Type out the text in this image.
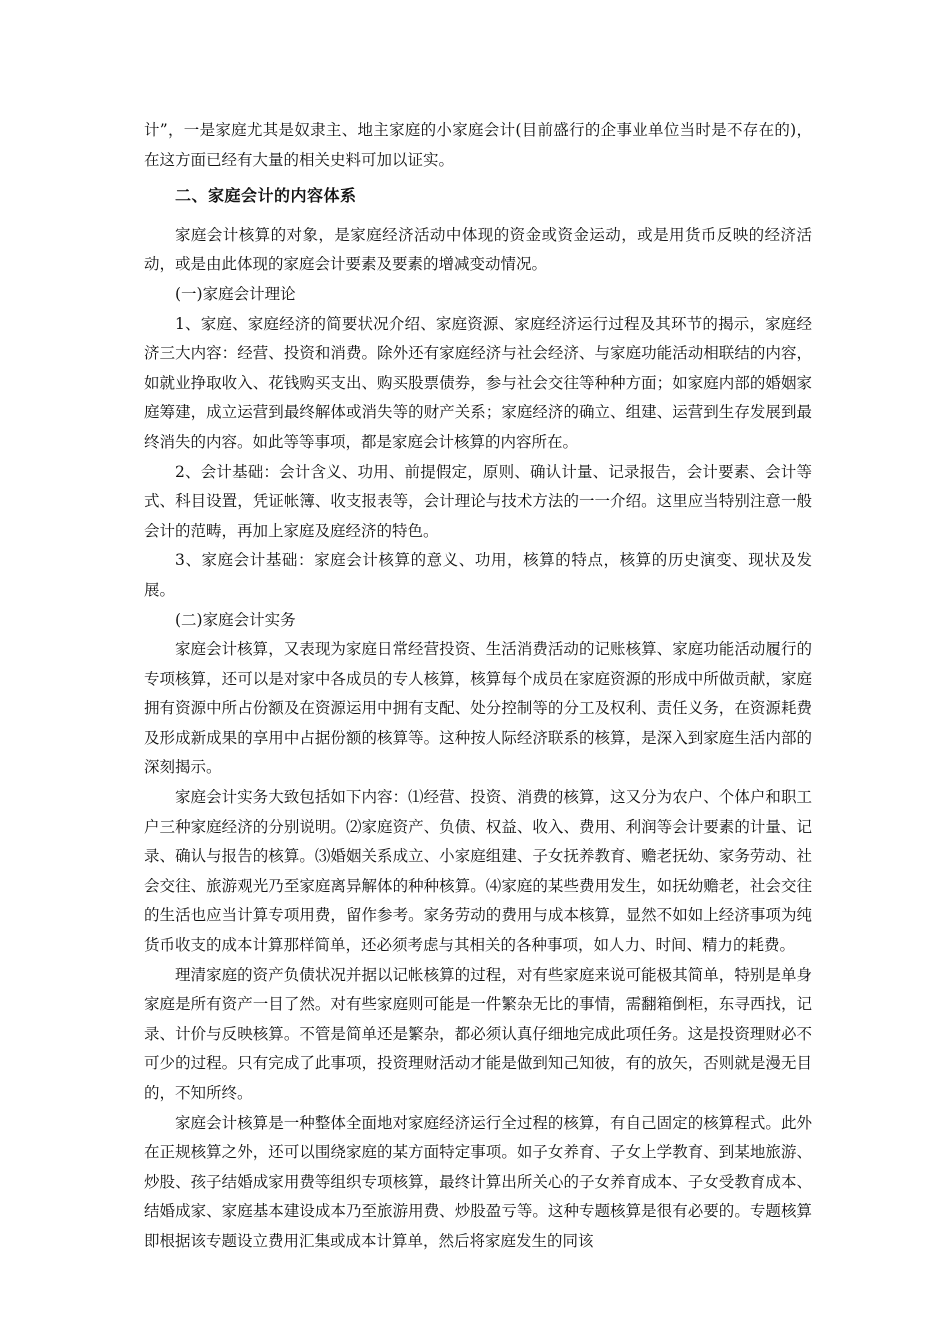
计”，一是家庭尤其是奴隶主、地主家庭的小家庭会计(目前盛行的企事业单位当时是不存在的)，在这方面已经有大量的相关史料可加以证实。

二、家庭会计的内容体系

家庭会计核算的对象，是家庭经济活动中体现的资金或资金运动，或是用货币反映的经济活动，或是由此体现的家庭会计要素及要素的增减变动情况。

(一)家庭会计理论

1、家庭、家庭经济的简要状况介绍、家庭资源、家庭经济运行过程及其环节的揭示，家庭经济三大内容：经营、投资和消费。除外还有家庭经济与社会经济、与家庭功能活动相联结的内容，如就业挣取收入、花钱购买支出、购买股票债券，参与社会交往等种种方面；如家庭内部的婚姻家庭筹建，成立运营到最终解体或消失等的财产关系；家庭经济的确立、组建、运营到生存发展到最终消失的内容。如此等等事项，都是家庭会计核算的内容所在。

2、会计基础：会计含义、功用、前提假定，原则、确认计量、记录报告，会计要素、会计等式、科目设置，凭证帐簿、收支报表等，会计理论与技术方法的一一介绍。这里应当特别注意一般会计的范畴，再加上家庭及庭经济的特色。

3、家庭会计基础：家庭会计核算的意义、功用，核算的特点，核算的历史演变、现状及发展。

(二)家庭会计实务

家庭会计核算，又表现为家庭日常经营投资、生活消费活动的记账核算、家庭功能活动履行的专项核算，还可以是对家中各成员的专人核算，核算每个成员在家庭资源的形成中所做贡献，家庭拥有资源中所占份额及在资源运用中拥有支配、处分控制等的分工及权利、责任义务，在资源耗费及形成新成果的享用中占据份额的核算等。这种按人际经济联系的核算，是深入到家庭生活内部的深刻揭示。

家庭会计实务大致包括如下内容：⑴经营、投资、消费的核算，这又分为农户、个体户和职工户三种家庭经济的分别说明。⑵家庭资产、负债、权益、收入、费用、利润等会计要素的计量、记录、确认与报告的核算。⑶婚姻关系成立、小家庭组建、子女抚养教育、赡老抚幼、家务劳动、社会交往、旅游观光乃至家庭离异解体的种种核算。⑷家庭的某些费用发生，如抚幼赡老，社会交往的生活也应当计算专项用费，留作参考。家务劳动的费用与成本核算，显然不如如上经济事项为纯货币收支的成本计算那样简单，还必须考虑与其相关的各种事项，如人力、时间、精力的耗费。

理清家庭的资产负债状况并据以记帐核算的过程，对有些家庭来说可能极其简单，特别是单身家庭是所有资产一目了然。对有些家庭则可能是一件繁杂无比的事情，需翻箱倒柜，东寻西找，记录、计价与反映核算。不管是简单还是繁杂，都必须认真仔细地完成此项任务。这是投资理财必不可少的过程。只有完成了此事项，投资理财活动才能是做到知己知彼，有的放矢，否则就是漫无目的，不知所终。

家庭会计核算是一种整体全面地对家庭经济运行全过程的核算，有自己固定的核算程式。此外在正规核算之外，还可以围绕家庭的某方面特定事项。如子女养育、子女上学教育、到某地旅游、炒股、孩子结婚成家用费等组织专项核算，最终计算出所关心的子女养育成本、子女受教育成本、结婚成家、家庭基本建设成本乃至旅游用费、炒股盈亏等。这种专题核算是很有必要的。专题核算即根据该专题设立费用汇集或成本计算单，然后将家庭发生的同该
